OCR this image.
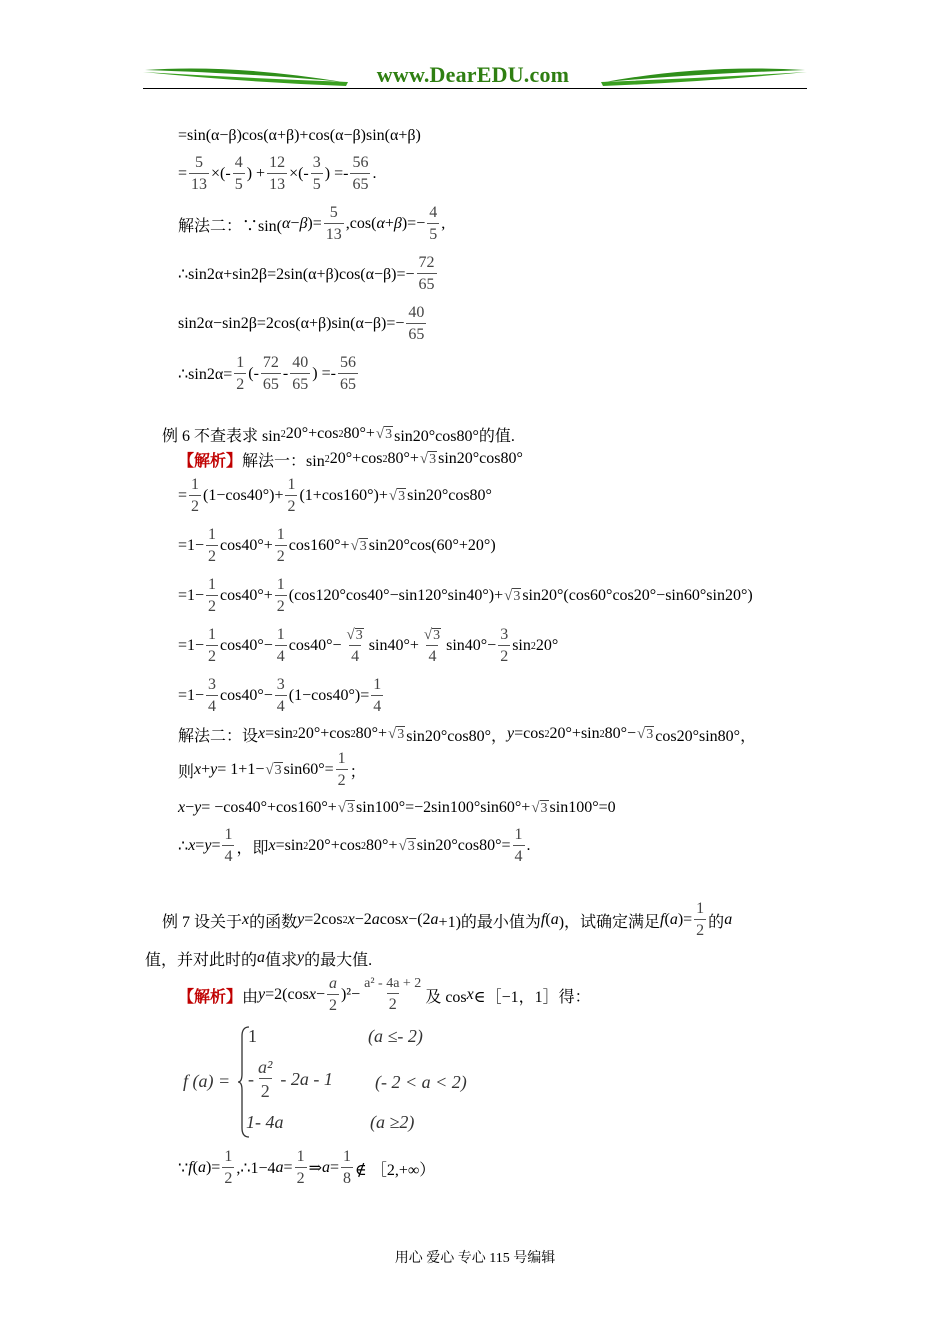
www.DearEDU.com
=sin(α−β)cos(α+β)+cos(α−β)sin(α+β)
= $\frac{5}{13}$ ×(- $\frac{4}{5}$ ) + $\frac{12}{13}$ ×(- $\frac{3}{5}$ ) =- $\frac{56}{65}$ .
解法二：∵sin( α − β )= $\frac{5}{13} ,\cos$( α + β )=− $\frac{4}{5}$ ,
∴sin2α+sin2β=2sin(α+β)cos(α−β)=− $\frac{72}{65}$
$\sin 2\alpha-\sin 2\beta=2\cos(\alpha+\beta)\sin(\alpha-\beta)=- \frac{40}{65}$
∴sin2α= $\frac{1}{2}$ (- $\frac{72}{65} - \frac{40}{65}$ ) =- $\frac{56}{65}$
例 6 不查表求 sin 2 20°+cos 2 80°+ √ 3 sin20°cos80°的值.
【解析】 解法一：sin 2 20°+cos 2 80°+ √ 3 sin20°cos80°
= $\frac{1}{2} (1-\cos 40^\circ)+ \frac{1}{2} (1+\cos 160^\circ)+$ √ 3 sin20°cos80°
$=1- \frac{1}{2} \cos 40^\circ+ \frac{1}{2} \cos 160^\circ+$ √ 3 sin20°cos(60°+20°)
$=1- \frac{1}{2} \cos 40^\circ+ \frac{1}{2} (\cos 120^\circ\cos 40^\circ-\sin 120^\circ\sin 40^\circ)+$ √ 3 sin20°(cos60°cos20°−sin60°sin20°)
$=1- \frac{1}{2} \cos 40^\circ- \frac{1}{4} \cos 40^\circ- \frac{√ 3}{4} \sin 40^\circ+ \frac{√ 3}{4} \sin 40^\circ- \frac{3}{2}$ sin 2 20°
$=1- \frac{3}{4} \cos 40^\circ- \frac{3}{4} (1-\cos 40^\circ)= \frac{1}{4}$
解法二：设 x =sin 2 20°+cos 2 80°+ √ 3 sin20°cos80°， y =cos 2 20°+sin 2 80°− √ 3 cos20°sin80°，
则 x + y = 1+1− √ 3 $\sin 60^\circ= \frac{1}{2}$ ；
x − y = −cos40°+cos160°+ √ 3 sin100°=−2sin100°sin60°+ √ 3 sin100°=0
∴ $x = y = \frac{1}{4}$ ，即 x =sin 2 20°+cos 2 80°+ √ 3 $\sin 20^\circ\cos 80^\circ= \frac{1}{4}$ .
例 7 设关于 x 的函数 y =2cos 2 x −2 a cos x −(2 a +1)的最小值为 f ( a )，试确定满足 f ( a )= $\frac{1}{2}$ 的 a
值，并对此时的 a 值求 y 的最大值.
【解析】 由 y =2(cos $x - \frac{a}{2} )^2- \frac{\text{a² - 4a + 2}}{2}$ 及 cos x ∈［−1，1］得：
f (a) =
1	(a ≤- 2)
- $\frac{\text{a²}}{2} - 2a - 1$ (- 2 < a < 2)
1- 4a	(a ≥2)
∵ f ( a )= $\frac{1}{2}$ ,∴1−4 $a = \frac{1}{2}$ ⇒ $a = \frac{1}{8}$ ∉ ［2,+∞）
用心 爱心 专心 115 号编辑
